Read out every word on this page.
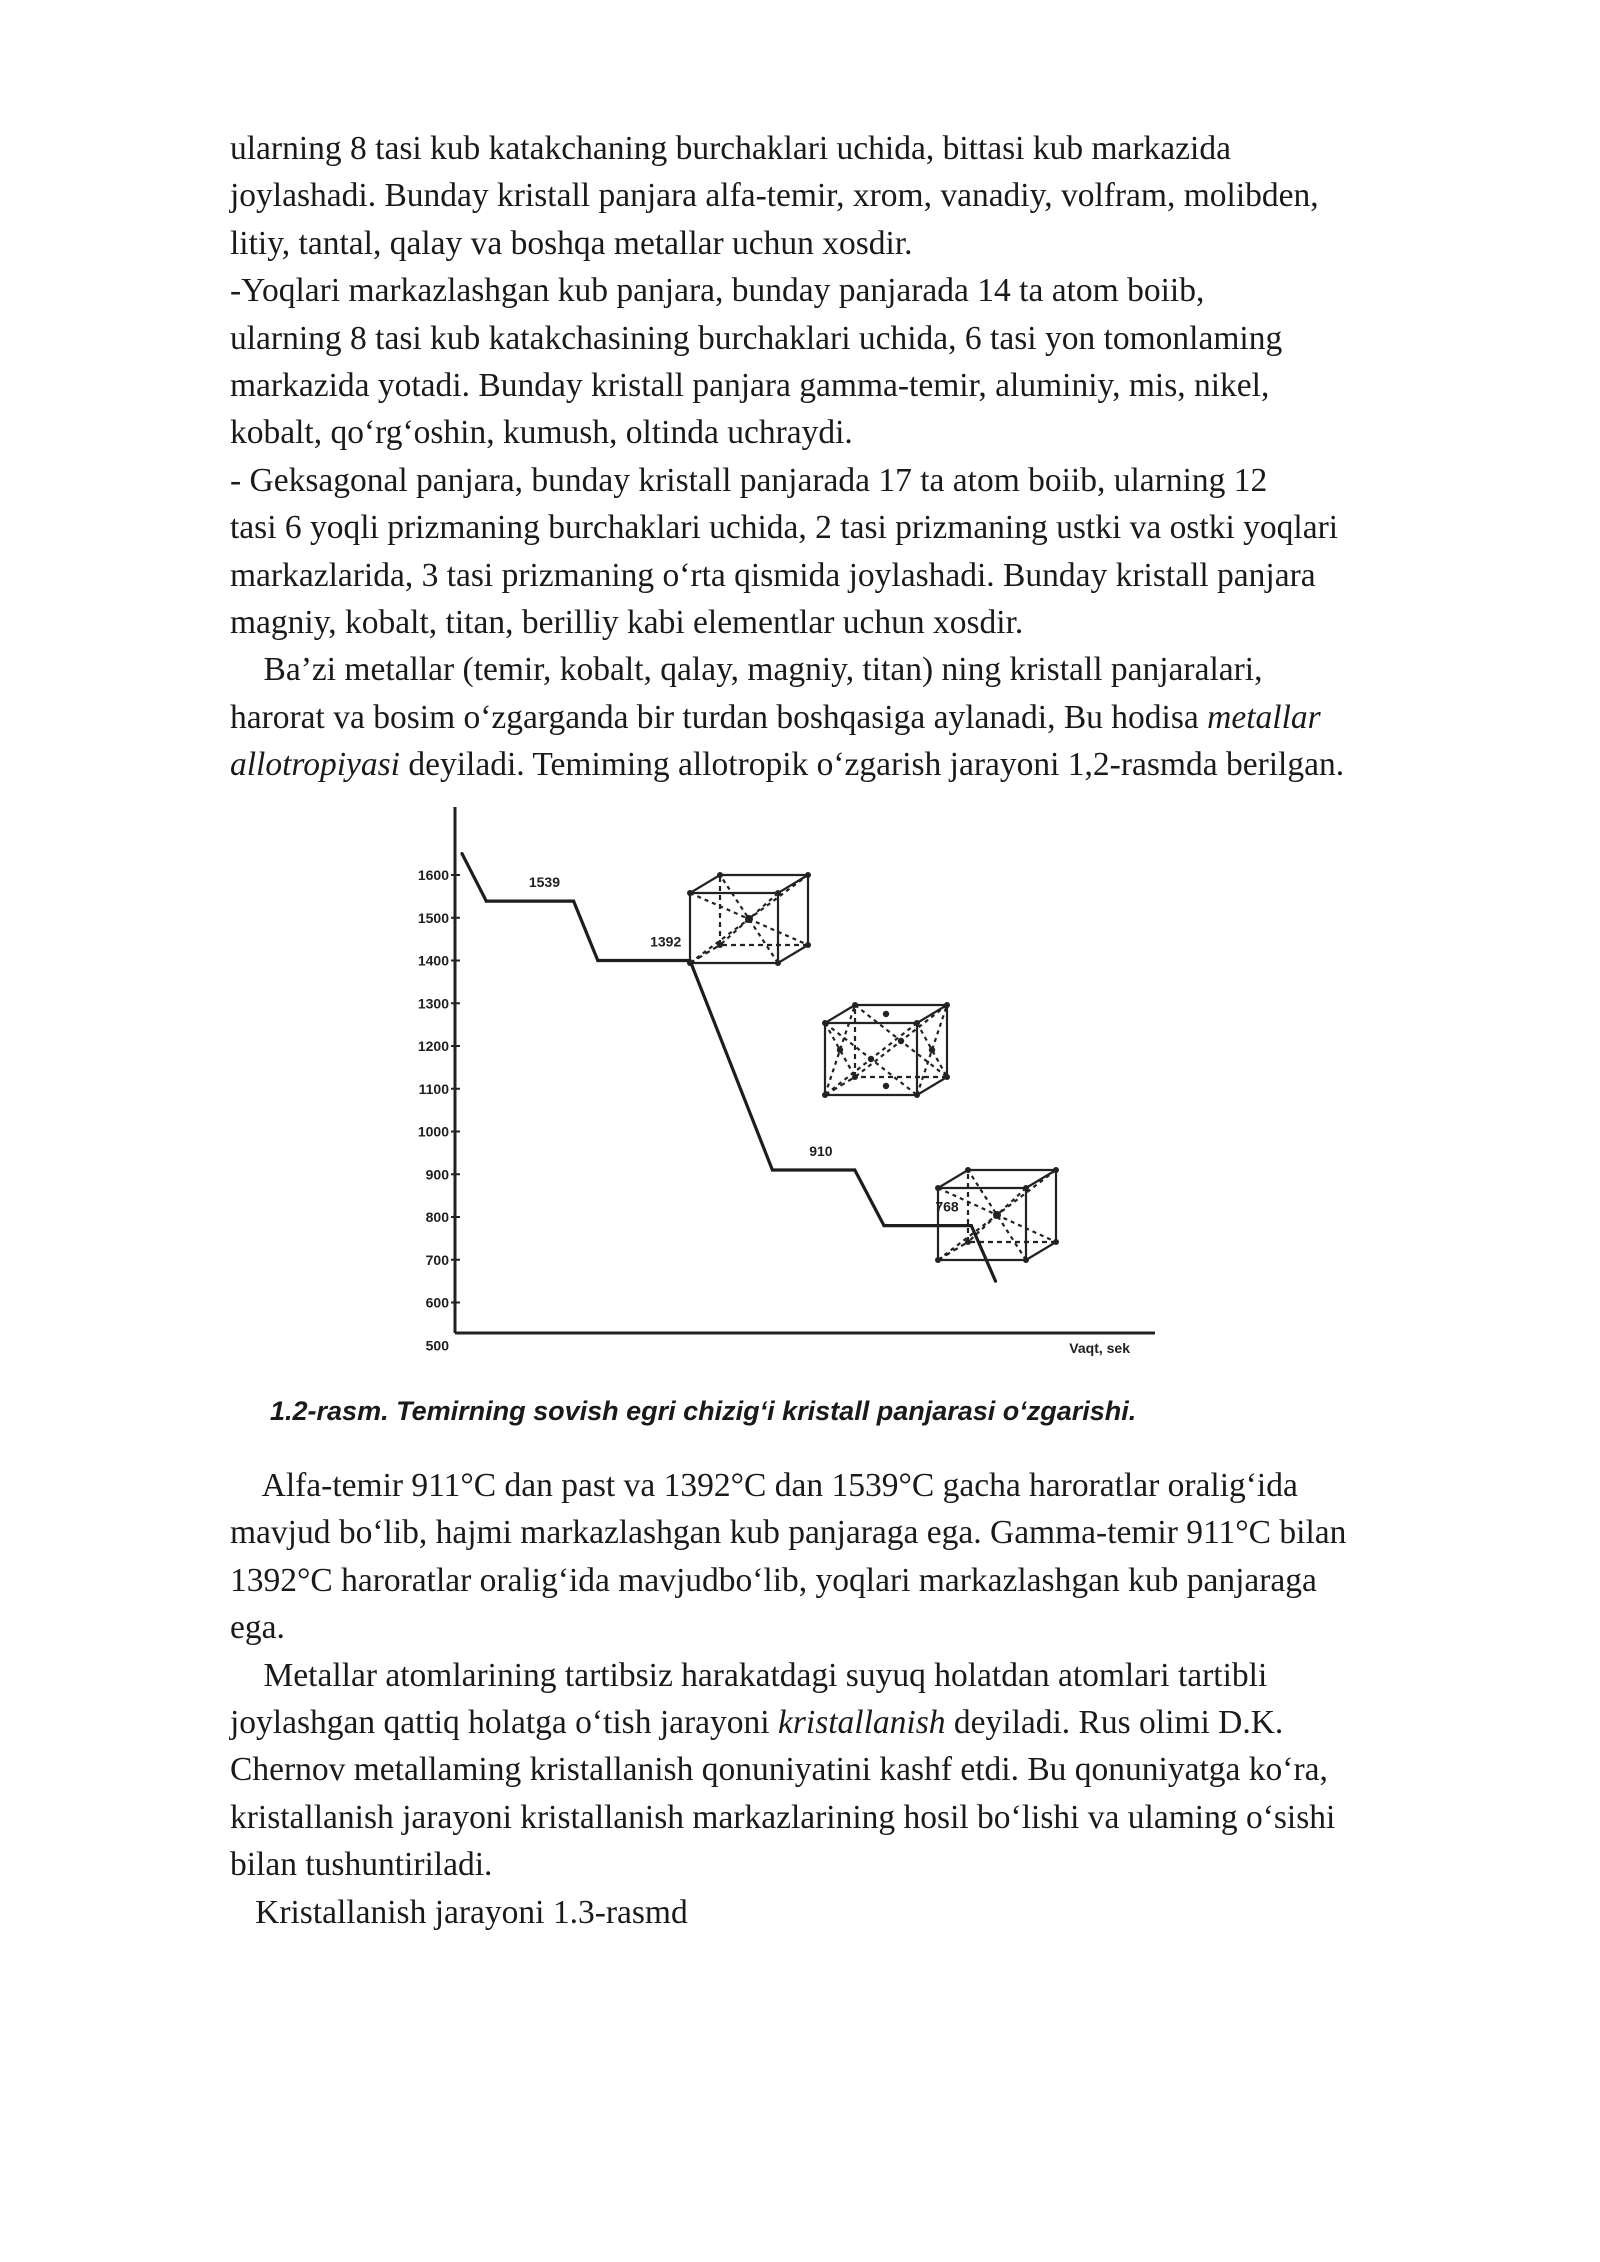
ularning 8 tasi kub katakchaning burchaklari uchida, bittasi kub markazida
joylashadi. Bunday kristall panjara alfa-temir, xrom, vanadiy, volfram, molibden,
litiy, tantal, qalay va boshqa metallar uchun xosdir.
-Yoqlari markazlashgan kub panjara, bunday panjarada 14 ta atom boiib,
ularning 8 tasi kub katakchasining burchaklari uchida, 6 tasi yon tomonlaming
markazida yotadi. Bunday kristall panjara gamma-temir, aluminiy, mis, nikel,
kobalt, qo‘rg‘oshin, kumush, oltinda uchraydi.
- Geksagonal panjara, bunday kristall panjarada 17 ta atom boiib, ularning 12
tasi 6 yoqli prizmaning burchaklari uchida, 2 tasi prizmaning ustki va ostki yoqlari
markazlarida, 3 tasi prizmaning o‘rta qismida joylashadi. Bunday kristall panjara
magniy, kobalt, titan, berilliy kabi elementlar uchun xosdir.
Ba’zi metallar (temir, kobalt, qalay, magniy, titan) ning kristall panjaralari,
harorat va bosim o‘zgarganda bir turdan boshqasiga aylanadi, Bu hodisa metallar
allotropiyasi deyiladi. Temiming allotropik o‘zgarish jarayoni 1,2-rasmda berilgan.
Vaqt, sek
1600
1500
1400
1300
1200
1100
1000
900
800
700
600
500
1539
1392
910
768
1.2-rasm. Temirning sovish egri chizig‘i kristall panjarasi o‘zgarishi.
Alfa-temir 911°C dan past va 1392°C dan 1539°C gacha haroratlar oralig‘ida
mavjud bo‘lib, hajmi markazlashgan kub panjaraga ega. Gamma-temir 911°C bilan
1392°C haroratlar oralig‘ida mavjudbo‘lib, yoqlari markazlashgan kub panjaraga
ega.
Metallar atomlarining tartibsiz harakatdagi suyuq holatdan atomlari tartibli
joylashgan qattiq holatga o‘tish jarayoni kristallanish deyiladi. Rus olimi D.K.
Chernov metallaming kristallanish qonuniyatini kashf etdi. Bu qonuniyatga ko‘ra,
kristallanish jarayoni kristallanish markazlarining hosil bo‘lishi va ulaming o‘sishi
bilan tushuntiriladi.
Kristallanish jarayoni 1.3-rasmd
